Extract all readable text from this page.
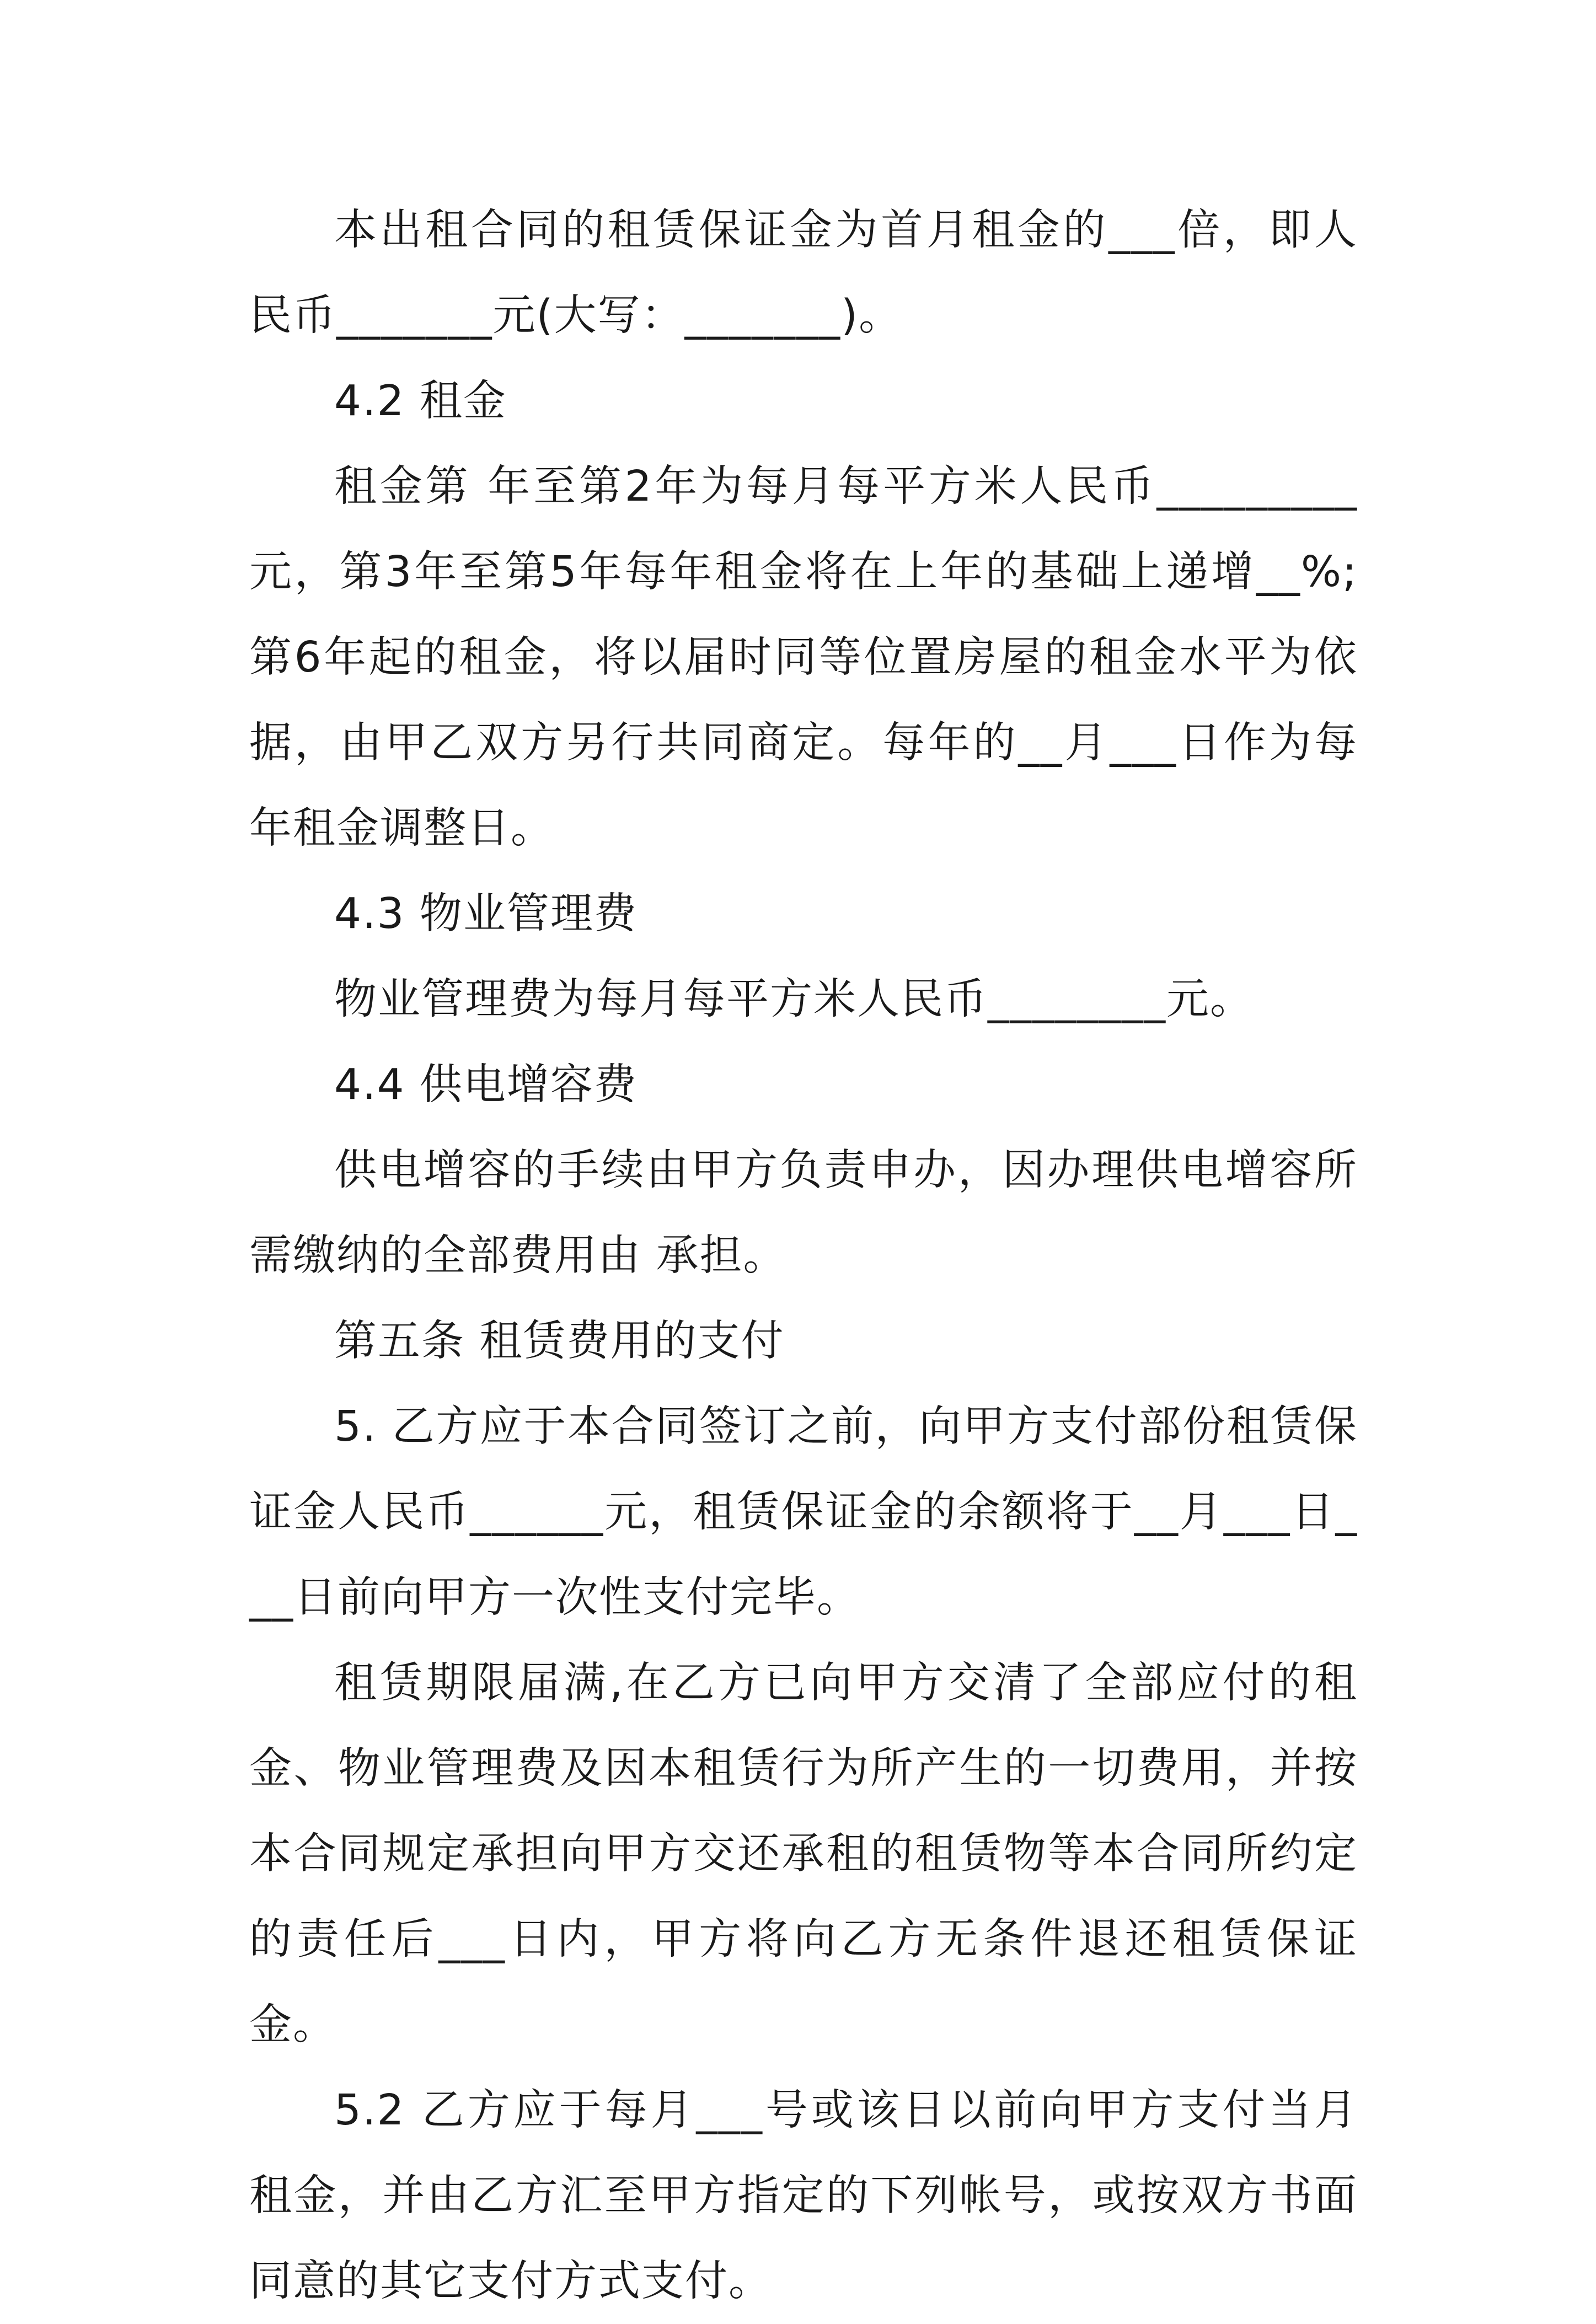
本出租合同的租赁保证金为首月租金的___倍，即人民币_______元(大写：_______)。

4.2 租金

租金第 年至第2年为每月每平方米人民币_________元，第3年至第5年每年租金将在上年的基础上递增__%;第6年起的租金，将以届时同等位置房屋的租金水平为依据，由甲乙双方另行共同商定。每年的__月___日作为每年租金调整日。

4.3 物业管理费

物业管理费为每月每平方米人民币________元。

4.4 供电增容费

供电增容的手续由甲方负责申办，因办理供电增容所需缴纳的全部费用由 承担。

第五条 租赁费用的支付

5. 乙方应于本合同签订之前，向甲方支付部份租赁保证金人民币______元，租赁保证金的余额将于__月___日___日前向甲方一次性支付完毕。

租赁期限届满,在乙方已向甲方交清了全部应付的租金、物业管理费及因本租赁行为所产生的一切费用，并按本合同规定承担向甲方交还承租的租赁物等本合同所约定的责任后___日内，甲方将向乙方无条件退还租赁保证金。

5.2 乙方应于每月___号或该日以前向甲方支付当月租金，并由乙方汇至甲方指定的下列帐号，或按双方书面同意的其它支付方式支付。
